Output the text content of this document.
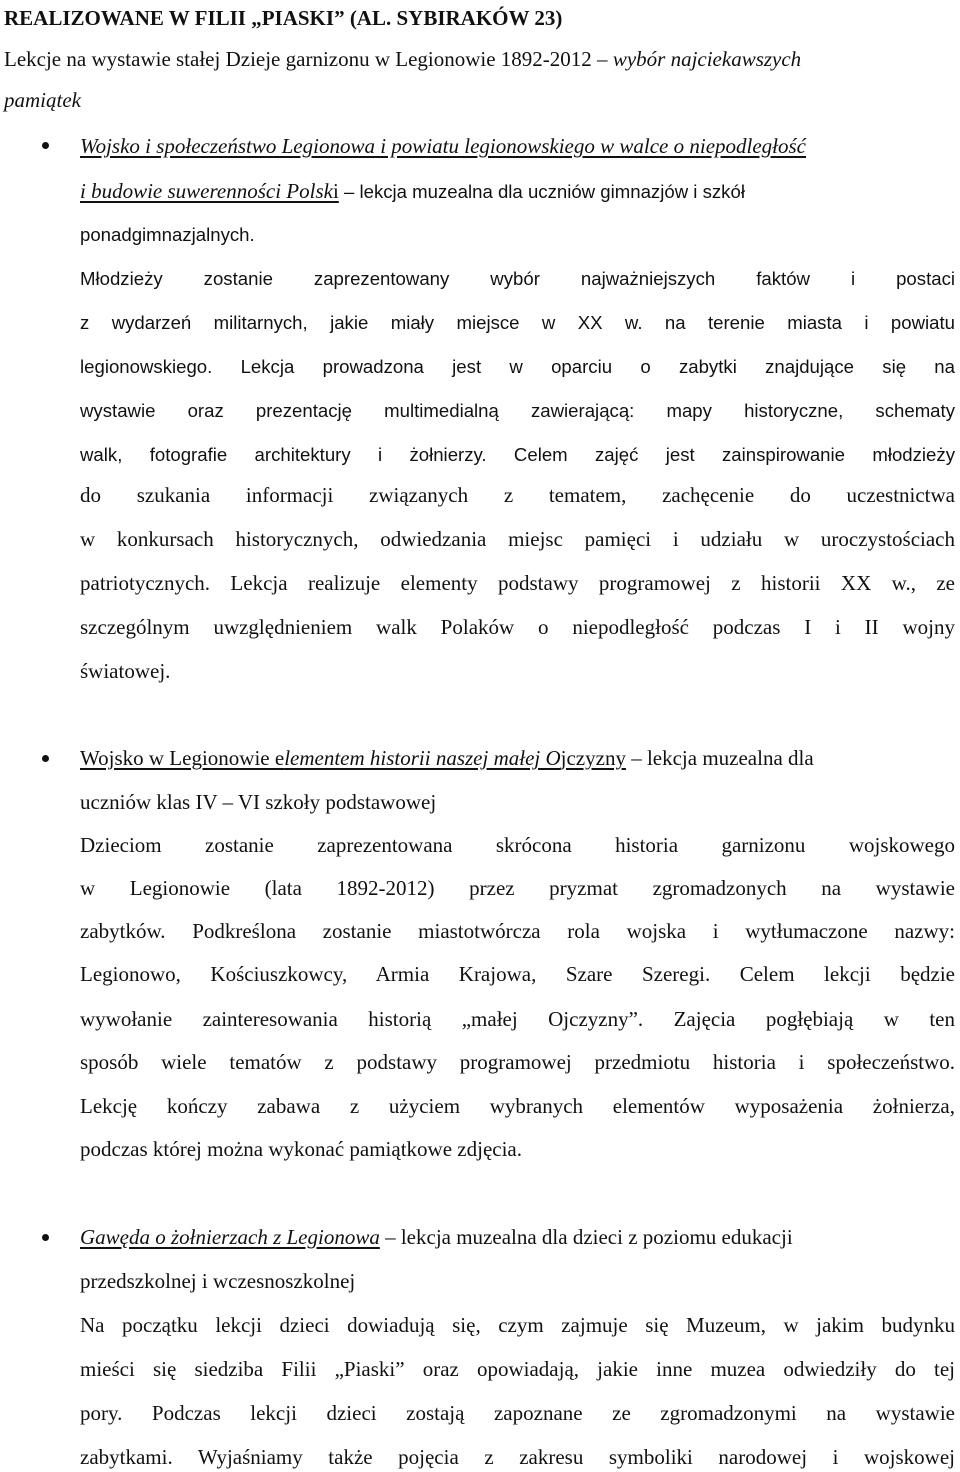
REALIZOWANE W FILII „PIASKI” (AL. SYBIRAKÓW 23)
Lekcje na wystawie stałej Dzieje garnizonu w Legionowie 1892-2012 – wybór najciekawszych
pamiątek
Wojsko i społeczeństwo Legionowa i powiatu legionowskiego w walce o niepodległość
i budowie suwerenności Polski – lekcja muzealna dla uczniów gimnazjów i szkół
ponadgimnazjalnych.
Młodzieży zostanie zaprezentowany wybór najważniejszych faktów i postaci
z wydarzeń militarnych, jakie miały miejsce w XX w. na terenie miasta i powiatu
legionowskiego. Lekcja prowadzona jest w oparciu o zabytki znajdujące się na
wystawie oraz prezentację multimedialną zawierającą: mapy historyczne, schematy
walk, fotografie architektury i żołnierzy. Celem zajęć jest zainspirowanie młodzieży
do szukania informacji związanych z tematem, zachęcenie do uczestnictwa
w konkursach historycznych, odwiedzania miejsc pamięci i udziału w uroczystościach
patriotycznych. Lekcja realizuje elementy podstawy programowej z historii XX w., ze
szczególnym uwzględnieniem walk Polaków o niepodległość podczas I i II wojny
światowej.
Wojsko w Legionowie elementem historii naszej małej Ojczyzny – lekcja muzealna dla
uczniów klas IV – VI szkoły podstawowej
Dzieciom zostanie zaprezentowana skrócona historia garnizonu wojskowego
w Legionowie (lata 1892-2012) przez pryzmat zgromadzonych na wystawie
zabytków. Podkreślona zostanie miastotwórcza rola wojska i wytłumaczone nazwy:
Legionowo, Kościuszkowcy, Armia Krajowa, Szare Szeregi. Celem lekcji będzie
wywołanie zainteresowania historią „małej Ojczyzny”. Zajęcia pogłębiają w ten
sposób wiele tematów z podstawy programowej przedmiotu historia i społeczeństwo.
Lekcję kończy zabawa z użyciem wybranych elementów wyposażenia żołnierza,
podczas której można wykonać pamiątkowe zdjęcia.
Gawęda o żołnierzach z Legionowa – lekcja muzealna dla dzieci z poziomu edukacji
przedszkolnej i wczesnoszkolnej
Na początku lekcji dzieci dowiadują się, czym zajmuje się Muzeum, w jakim budynku
mieści się siedziba Filii „Piaski” oraz opowiadają, jakie inne muzea odwiedziły do tej
pory. Podczas lekcji dzieci zostają zapoznane ze zgromadzonymi na wystawie
zabytkami. Wyjaśniamy także pojęcia z zakresu symboliki narodowej i wojskowej
